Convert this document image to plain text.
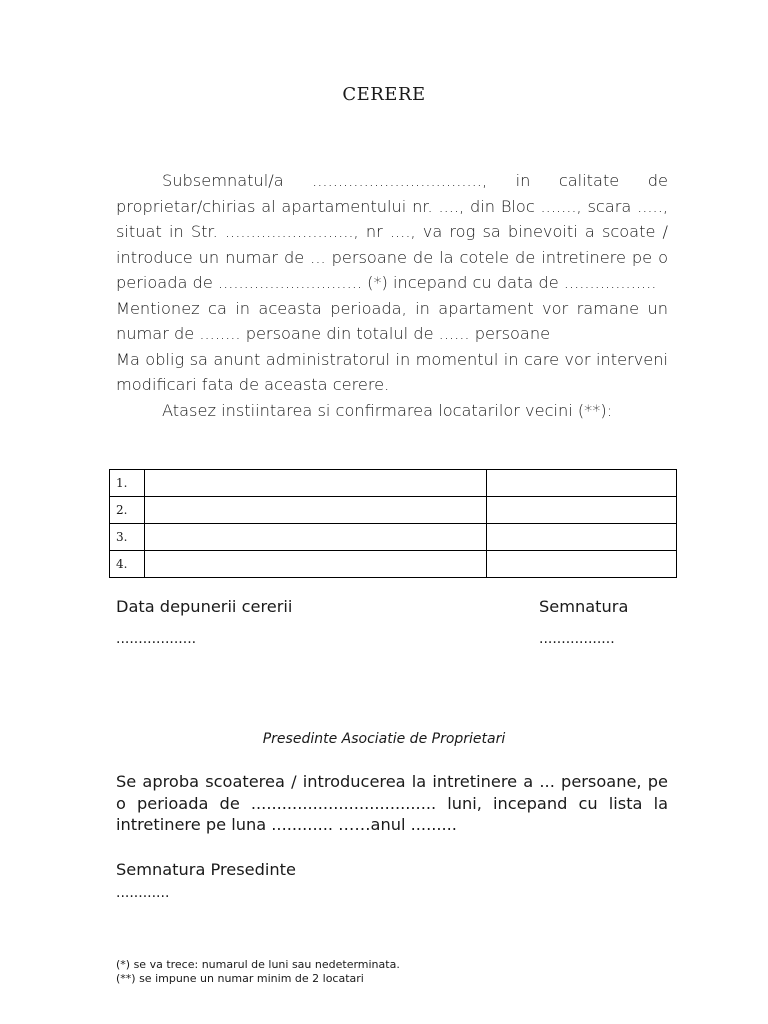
CERERE

Subsemnatul/a ................................., in calitate de proprietar/chirias al apartamentului nr. ...., din Bloc ......., scara ....., situat in Str. ........................., nr ...., va rog sa binevoiti a scoate / introduce un numar de ... persoane de la cotele de intretinere pe o perioada de ............................ (*) incepand cu data de ..................

Mentionez ca in aceasta perioada, in apartament vor ramane un numar de ........ persoane din totalul de ...... persoane

Ma oblig sa anunt administratorul in momentul in care vor interveni modificari fata de aceasta cerere.

Atasez instiintarea si confirmarea locatarilor vecini (**):

1.		
2.		
3.		
4.		
Data depunerii cererii	Semnatura
..................	.................
Presedinte Asociatie de Proprietari
Se aproba scoaterea / introducerea la intretinere a ... persoane, pe o perioada de .................................... luni, incepand cu lista la intretinere pe luna ............ ……anul .........
Semnatura Presedinte
............
(*) se va trece: numarul de luni sau nedeterminata.
(**) se impune un numar minim de 2 locatari
